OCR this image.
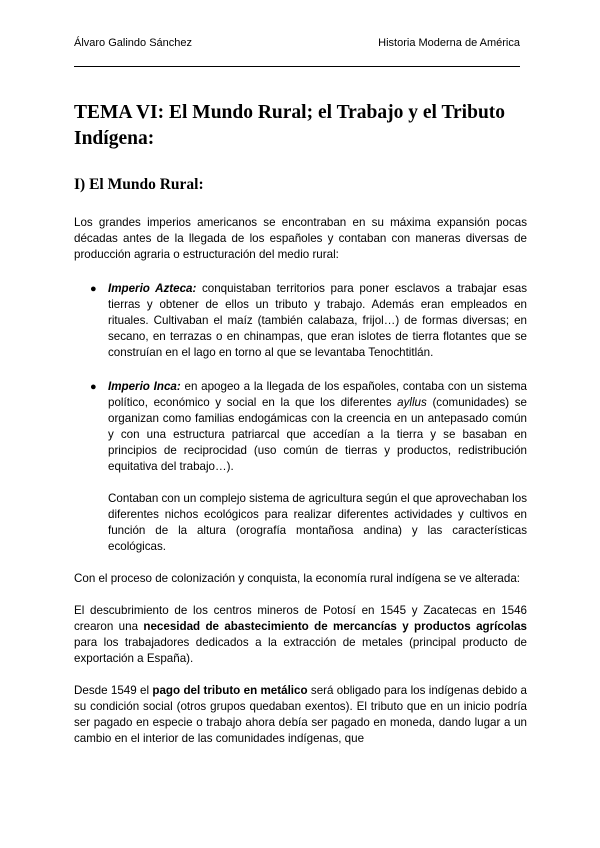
Álvaro Galindo Sánchez	Historia Moderna de América
TEMA VI: El Mundo Rural; el Trabajo y el Tributo Indígena:
I) El Mundo Rural:

Los grandes imperios americanos se encontraban en su máxima expansión pocas décadas antes de la llegada de los españoles y contaban con maneras diversas de producción agraria o estructuración del medio rural:

● Imperio Azteca: conquistaban territorios para poner esclavos a trabajar esas tierras y obtener de ellos un tributo y trabajo. Además eran empleados en rituales. Cultivaban el maíz (también calabaza, frijol…) de formas diversas; en secano, en terrazas o en chinampas, que eran islotes de tierra flotantes que se construían en el lago en torno al que se levantaba Tenochtitlán.

● Imperio Inca: en apogeo a la llegada de los españoles, contaba con un sistema político, económico y social en la que los diferentes ayllus (comunidades) se organizan como familias endogámicas con la creencia en un antepasado común y con una estructura patriarcal que accedían a la tierra y se basaban en principios de reciprocidad (uso común de tierras y productos, redistribución equitativa del trabajo…).

Contaban con un complejo sistema de agricultura según el que aprovechaban los diferentes nichos ecológicos para realizar diferentes actividades y cultivos en función de la altura (orografía montañosa andina) y las características ecológicas.

Con el proceso de colonización y conquista, la economía rural indígena se ve alterada:

El descubrimiento de los centros mineros de Potosí en 1545 y Zacatecas en 1546 crearon una necesidad de abastecimiento de mercancías y productos agrícolas para los trabajadores dedicados a la extracción de metales (principal producto de exportación a España).

Desde 1549 el pago del tributo en metálico será obligado para los indígenas debido a su condición social (otros grupos quedaban exentos). El tributo que en un inicio podría ser pagado en especie o trabajo ahora debía ser pagado en moneda, dando lugar a un cambio en el interior de las comunidades indígenas, que
